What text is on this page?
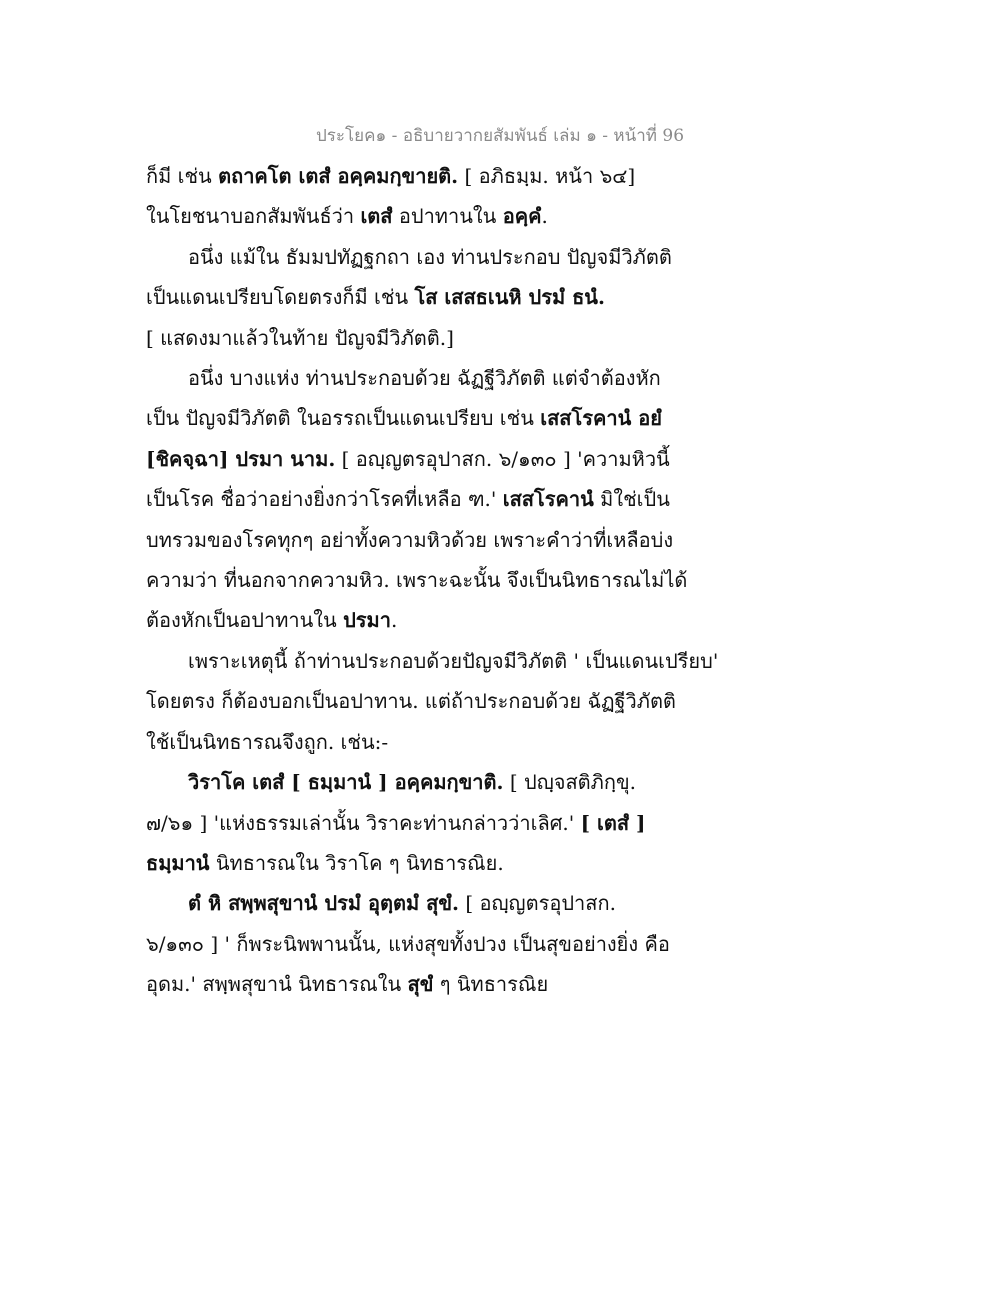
ประโยค๑ - อธิบายวากยสัมพันธ์ เล่ม ๑ - หน้าที่ 96
ก็มี เช่น ตถาคโต เตสํ อคฺคมกฺขายติ. [ อภิธมฺม. หน้า ๖๔]
ในโยชนาบอกสัมพันธ์ว่า เตสํ อปาทานใน อคฺคํ.
อนึ่ง แม้ใน ธัมมปทัฏฐกถา เอง ท่านประกอบ ปัญจมีวิภัตติ
เป็นแดนเปรียบโดยตรงก็มี เช่น โส เสสธเนหิ ปรมํ ธนํ.
[ แสดงมาแล้วในท้าย ปัญจมีวิภัตติ.]
อนึ่ง บางแห่ง ท่านประกอบด้วย ฉัฏฐีวิภัตติ แต่จำต้องหัก
เป็น ปัญจมีวิภัตติ ในอรรถเป็นแดนเปรียบ เช่น เสสโรคานํ อยํ
[ชิคจฺฉา] ปรมา นาม. [ อญฺญตรอุปาสก. ๖/๑๓๐ ] 'ความหิวนี้
เป็นโรค ชื่อว่าอย่างยิ่งกว่าโรคที่เหลือ ฑ.' เสสโรคานํ มิใช่เป็น
บทรวมของโรคทุกๆ อย่าทั้งความหิวด้วย เพราะคำว่าที่เหลือบ่ง
ความว่า ที่นอกจากความหิว. เพราะฉะนั้น จึงเป็นนิทธารณไม่ได้
ต้องหักเป็นอปาทานใน ปรมา.
เพราะเหตุนี้ ถ้าท่านประกอบด้วยปัญจมีวิภัตติ ' เป็นแดนเปรียบ'
โดยตรง ก็ต้องบอกเป็นอปาทาน. แต่ถ้าประกอบด้วย ฉัฏฐีวิภัตติ
ใช้เป็นนิทธารณจึงถูก. เช่น:-
วิราโค เตสํ [ ธมฺมานํ ] อคฺคมกฺขาติ. [ ปญฺจสติภิกฺขุ.
๗/๖๑ ] 'แห่งธรรมเล่านั้น วิราคะท่านกล่าวว่าเลิศ.' [ เตสํ ]
ธมฺมานํ นิทธารณใน วิราโค ๆ นิทธารณิย.
ตํ หิ สพฺพสุขานํ ปรมํ อุตฺตมํ สุขํ. [ อญฺญตรอุปาสก.
๖/๑๓๐ ] ' ก็พระนิพพานนั้น, แห่งสุขทั้งปวง เป็นสุขอย่างยิ่ง คือ
อุดม.' สพฺพสุขานํ นิทธารณใน สุขํ ๆ นิทธารณิย
